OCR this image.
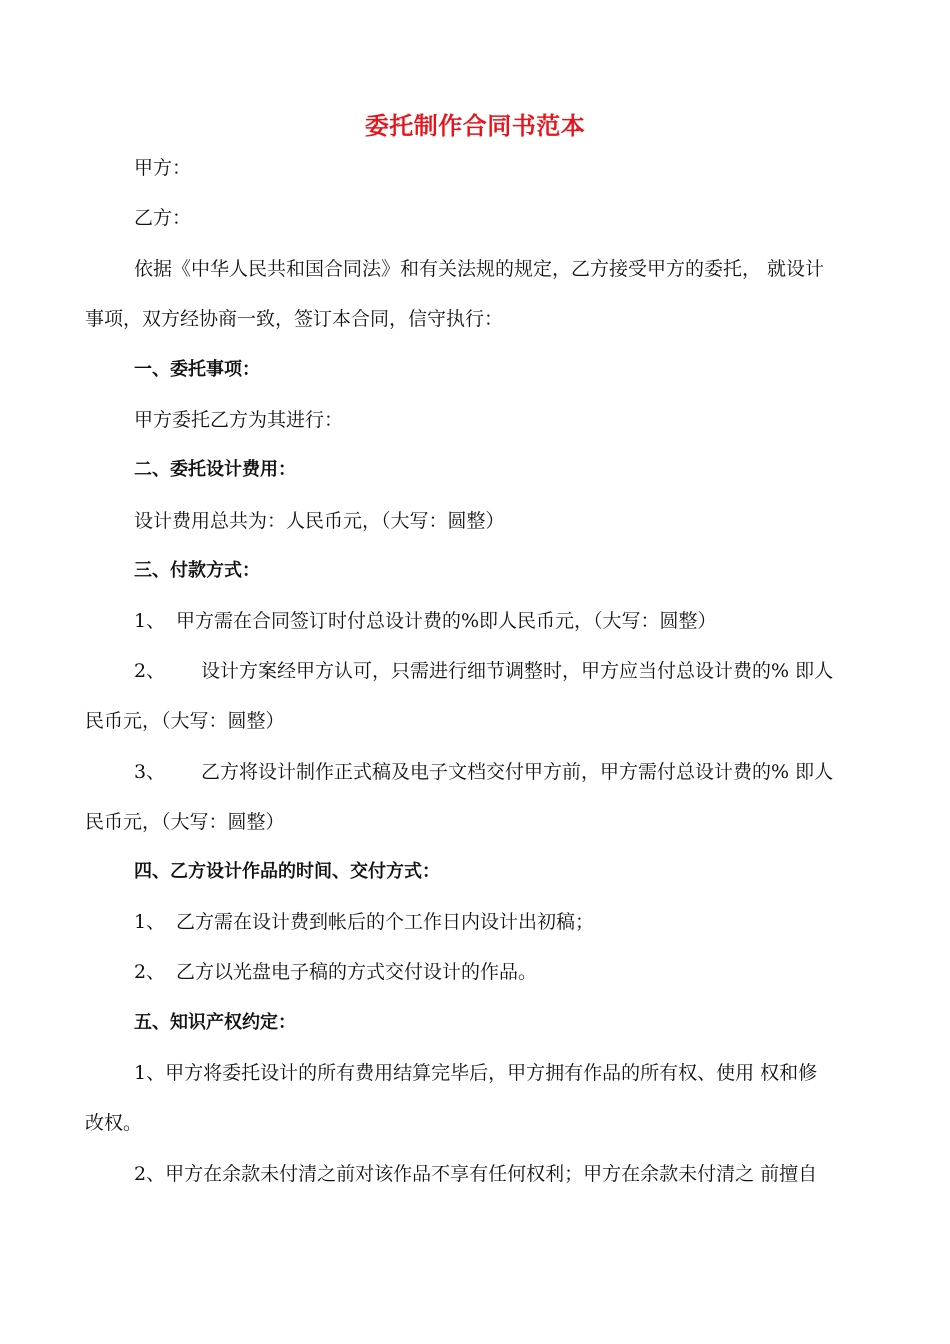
委托制作合同书范本
甲方：
乙方：
依据《中华人民共和国合同法》和有关法规的规定，乙方接受甲方的委托， 就设计
事项，双方经协商一致，签订本合同，信守执行：
一、委托事项：
甲方委托乙方为其进行：
二、委托设计费用：
设计费用总共为：人民币元，（大写：圆整）
三、付款方式：
1、 甲方需在合同签订时付总设计费的%即人民币元，（大写：圆整）
2、 设计方案经甲方认可，只需进行细节调整时，甲方应当付总设计费的% 即人
民币元，（大写：圆整）
3、 乙方将设计制作正式稿及电子文档交付甲方前，甲方需付总设计费的% 即人
民币元，（大写：圆整）
四、乙方设计作品的时间、交付方式：
1、 乙方需在设计费到帐后的个工作日内设计出初稿；
2、 乙方以光盘电子稿的方式交付设计的作品。
五、知识产权约定：
1、甲方将委托设计的所有费用结算完毕后，甲方拥有作品的所有权、使用 权和修
改权。
2、甲方在余款未付清之前对该作品不享有任何权利；甲方在余款未付清之 前擅自
